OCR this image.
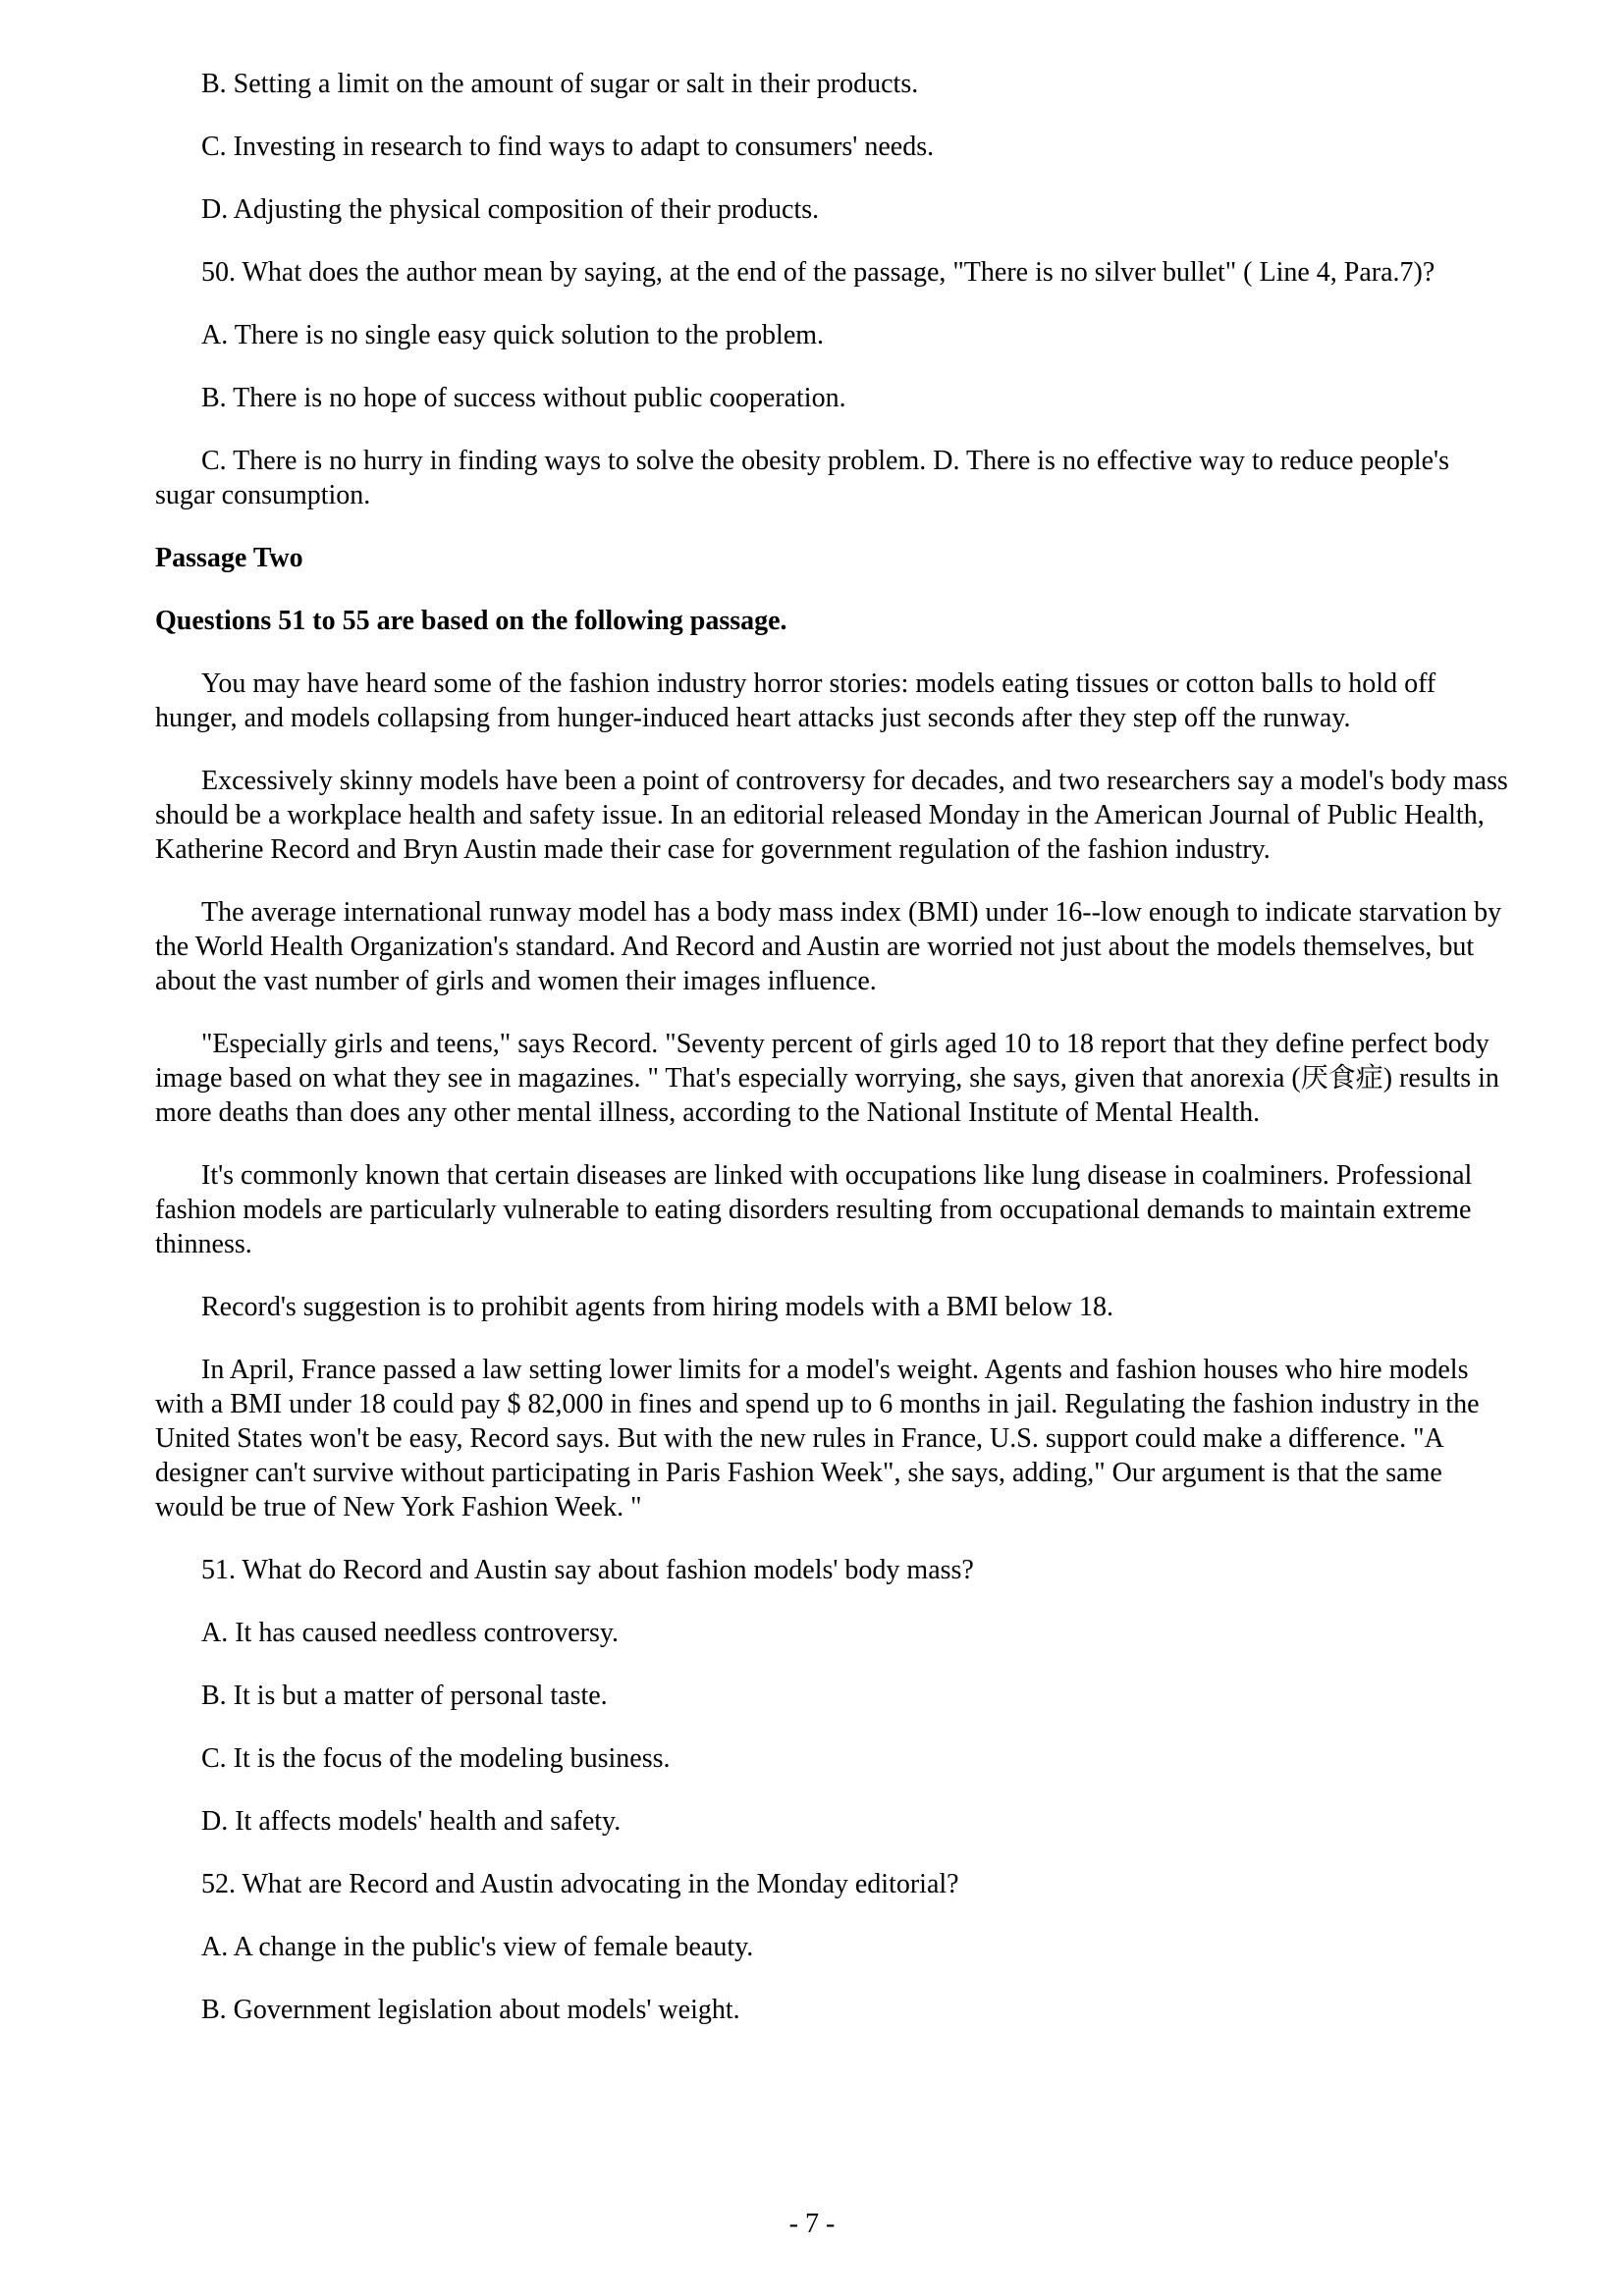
B. Setting a limit on the amount of sugar or salt in their products.

C. Investing in research to find ways to adapt to consumers' needs.

D. Adjusting the physical composition of their products.

50. What does the author mean by saying, at the end of the passage, "There is no silver bullet" ( Line 4, Para.7)?

A. There is no single easy quick solution to the problem.

B. There is no hope of success without public cooperation.

C. There is no hurry in finding ways to solve the obesity problem. D. There is no effective way to reduce people's sugar consumption.

Passage Two

Questions 51 to 55 are based on the following passage.

You may have heard some of the fashion industry horror stories: models eating tissues or cotton balls to hold off hunger, and models collapsing from hunger-induced heart attacks just seconds after they step off the runway.

Excessively skinny models have been a point of controversy for decades, and two researchers say a model's body mass should be a workplace health and safety issue. In an editorial released Monday in the American Journal of Public Health, Katherine Record and Bryn Austin made their case for government regulation of the fashion industry.

The average international runway model has a body mass index (BMI) under 16--low enough to indicate starvation by the World Health Organization's standard. And Record and Austin are worried not just about the models themselves, but about the vast number of girls and women their images influence.

"Especially girls and teens," says Record. "Seventy percent of girls aged 10 to 18 report that they define perfect body image based on what they see in magazines. " That's especially worrying, she says, given that anorexia (厌食症) results in more deaths than does any other mental illness, according to the National Institute of Mental Health.

It's commonly known that certain diseases are linked with occupations like lung disease in coalminers. Professional fashion models are particularly vulnerable to eating disorders resulting from occupational demands to maintain extreme thinness.

Record's suggestion is to prohibit agents from hiring models with a BMI below 18.

In April, France passed a law setting lower limits for a model's weight. Agents and fashion houses who hire models with a BMI under 18 could pay $ 82,000 in fines and spend up to 6 months in jail. Regulating the fashion industry in the United States won't be easy, Record says. But with the new rules in France, U.S. support could make a difference. "A designer can't survive without participating in Paris Fashion Week", she says, adding," Our argument is that the same would be true of New York Fashion Week. "

51. What do Record and Austin say about fashion models' body mass?

A. It has caused needless controversy.

B. It is but a matter of personal taste.

C. It is the focus of the modeling business.

D. It affects models' health and safety.

52. What are Record and Austin advocating in the Monday editorial?

A. A change in the public's view of female beauty.

B. Government legislation about models' weight.

- 7 -
